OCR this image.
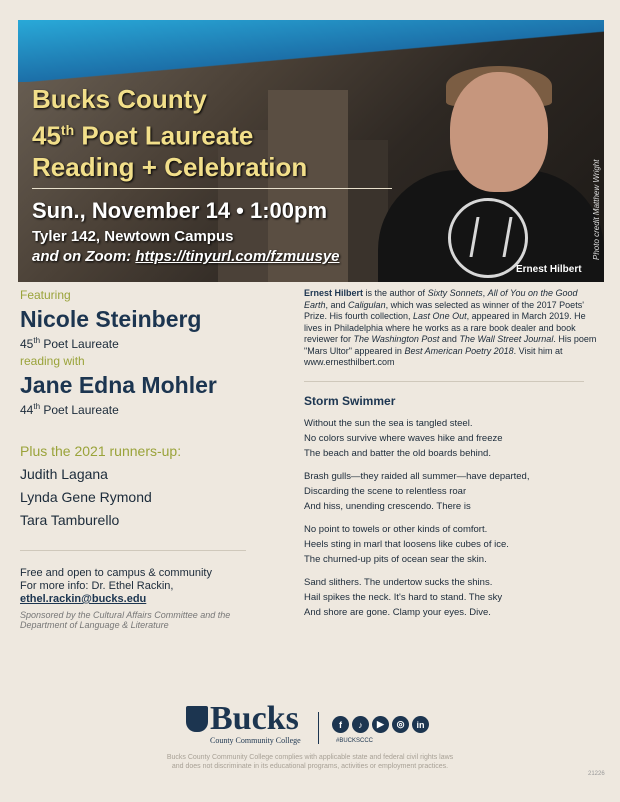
Bucks County
45th Poet Laureate
Reading + Celebration
Sun., November 14 • 1:00pm
Tyler 142, Newtown Campus
and on Zoom: https://tinyurl.com/fzmuusye
Ernest Hilbert
Photo credit Matthew Wright
Featuring
Nicole Steinberg
45th Poet Laureate
reading with
Jane Edna Mohler
44th Poet Laureate
Plus the 2021 runners-up:
Judith Lagana
Lynda Gene Rymond
Tara Tamburello
Free and open to campus & community
For more info: Dr. Ethel Rackin,
ethel.rackin@bucks.edu
Sponsored by the Cultural Affairs Committee and the Department of Language & Literature
Ernest Hilbert is the author of Sixty Sonnets, All of You on the Good Earth, and Caligulan, which was selected as winner of the 2017 Poets' Prize. His fourth collection, Last One Out, appeared in March 2019. He lives in Philadelphia where he works as a rare book dealer and book reviewer for The Washington Post and The Wall Street Journal. His poem "Mars Ultor" appeared in Best American Poetry 2018. Visit him at www.ernesthilbert.com
Storm Swimmer
Without the sun the sea is tangled steel.
No colors survive where waves hike and freeze
The beach and batter the old boards behind.
Brash gulls—they raided all summer—have departed,
Discarding the scene to relentless roar
And hiss, unending crescendo. There is
No point to towels or other kinds of comfort.
Heels sting in marl that loosens like cubes of ice.
The churned-up pits of ocean sear the skin.
Sand slithers. The undertow sucks the shins.
Hail spikes the neck. It's hard to stand. The sky
And shore are gone. Clamp your eyes. Dive.
Bucks
County Community College
f	♪	▶	◎	in
#BUCKSCCC
Bucks County Community College complies with applicable state and federal civil rights laws
and does not discriminate in its educational programs, activities or employment practices.
21226
